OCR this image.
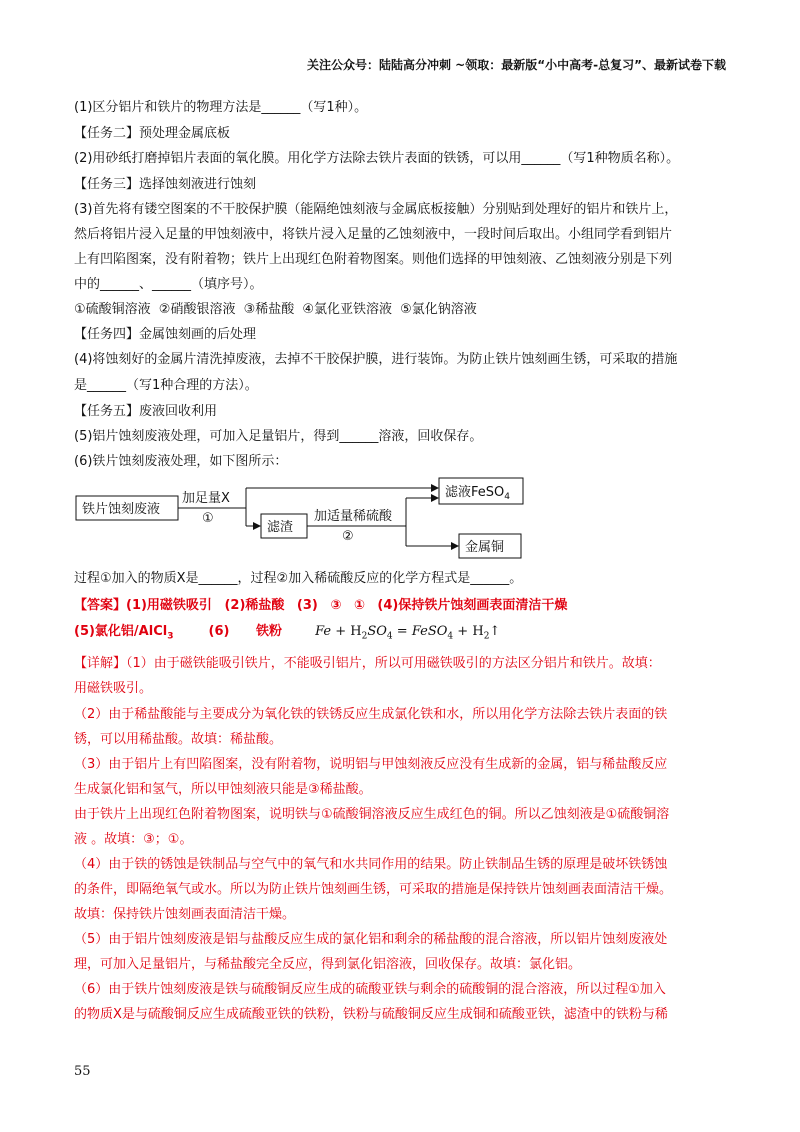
关注公众号：陆陆高分冲刺 ~领取：最新版“小中高考-总复习”、最新试卷下载
(1)区分铝片和铁片的物理方法是______（写1种）。
【任务二】预处理金属底板
(2)用砂纸打磨掉铝片表面的氧化膜。用化学方法除去铁片表面的铁锈，可以用______（写1种物质名称）。
【任务三】选择蚀刻液进行蚀刻
(3)首先将有镂空图案的不干胶保护膜（能隔绝蚀刻液与金属底板接触）分别贴到处理好的铝片和铁片上，
然后将铝片浸入足量的甲蚀刻液中，将铁片浸入足量的乙蚀刻液中，一段时间后取出。小组同学看到铝片
上有凹陷图案，没有附着物；铁片上出现红色附着物图案。则他们选择的甲蚀刻液、乙蚀刻液分别是下列
中的______、______（填序号）。
①硫酸铜溶液 ②硝酸银溶液 ③稀盐酸 ④氯化亚铁溶液 ⑤氯化钠溶液
【任务四】金属蚀刻画的后处理
(4)将蚀刻好的金属片清洗掉废液，去掉不干胶保护膜，进行装饰。为防止铁片蚀刻画生锈，可采取的措施
是______（写1种合理的方法）。
【任务五】废液回收利用
(5)铝片蚀刻废液处理，可加入足量铝片，得到______溶液，回收保存。
(6)铁片蚀刻废液处理，如下图所示：
铁片蚀刻废液
加足量X
①
滤渣
加适量稀硫酸
②
滤液FeSO$_4$
金属铜
过程①加入的物质X是______，过程②加入稀硫酸反应的化学方程式是______。
【答案】(1)用磁铁吸引 (2)稀盐酸 (3) ③ ① (4)保持铁片蚀刻画表面清洁干燥
(5)氯化铝/AlCl$_3$	(6) 铁粉	$Fe + H_2SO_4$ = FeSO$_4$ + $H_2↑$
【详解】（1）由于磁铁能吸引铁片，不能吸引铝片，所以可用磁铁吸引的方法区分铝片和铁片。故填：
用磁铁吸引。
（2）由于稀盐酸能与主要成分为氧化铁的铁锈反应生成氯化铁和水，所以用化学方法除去铁片表面的铁
锈，可以用稀盐酸。故填：稀盐酸。
（3）由于铝片上有凹陷图案，没有附着物，说明铝与甲蚀刻液反应没有生成新的金属，铝与稀盐酸反应
生成氯化铝和氢气，所以甲蚀刻液只能是③稀盐酸。
由于铁片上出现红色附着物图案，说明铁与①硫酸铜溶液反应生成红色的铜。所以乙蚀刻液是①硫酸铜溶
液 。故填：③；①。
（4）由于铁的锈蚀是铁制品与空气中的氧气和水共同作用的结果。防止铁制品生锈的原理是破坏铁锈蚀
的条件，即隔绝氧气或水。所以为防止铁片蚀刻画生锈，可采取的措施是保持铁片蚀刻画表面清洁干燥。
故填：保持铁片蚀刻画表面清洁干燥。
（5）由于铝片蚀刻废液是铝与盐酸反应生成的氯化铝和剩余的稀盐酸的混合溶液，所以铝片蚀刻废液处
理，可加入足量铝片，与稀盐酸完全反应，得到氯化铝溶液，回收保存。故填：氯化铝。
（6）由于铁片蚀刻废液是铁与硫酸铜反应生成的硫酸亚铁与剩余的硫酸铜的混合溶液，所以过程①加入
的物质X是与硫酸铜反应生成硫酸亚铁的铁粉，铁粉与硫酸铜反应生成铜和硫酸亚铁，滤渣中的铁粉与稀
55
